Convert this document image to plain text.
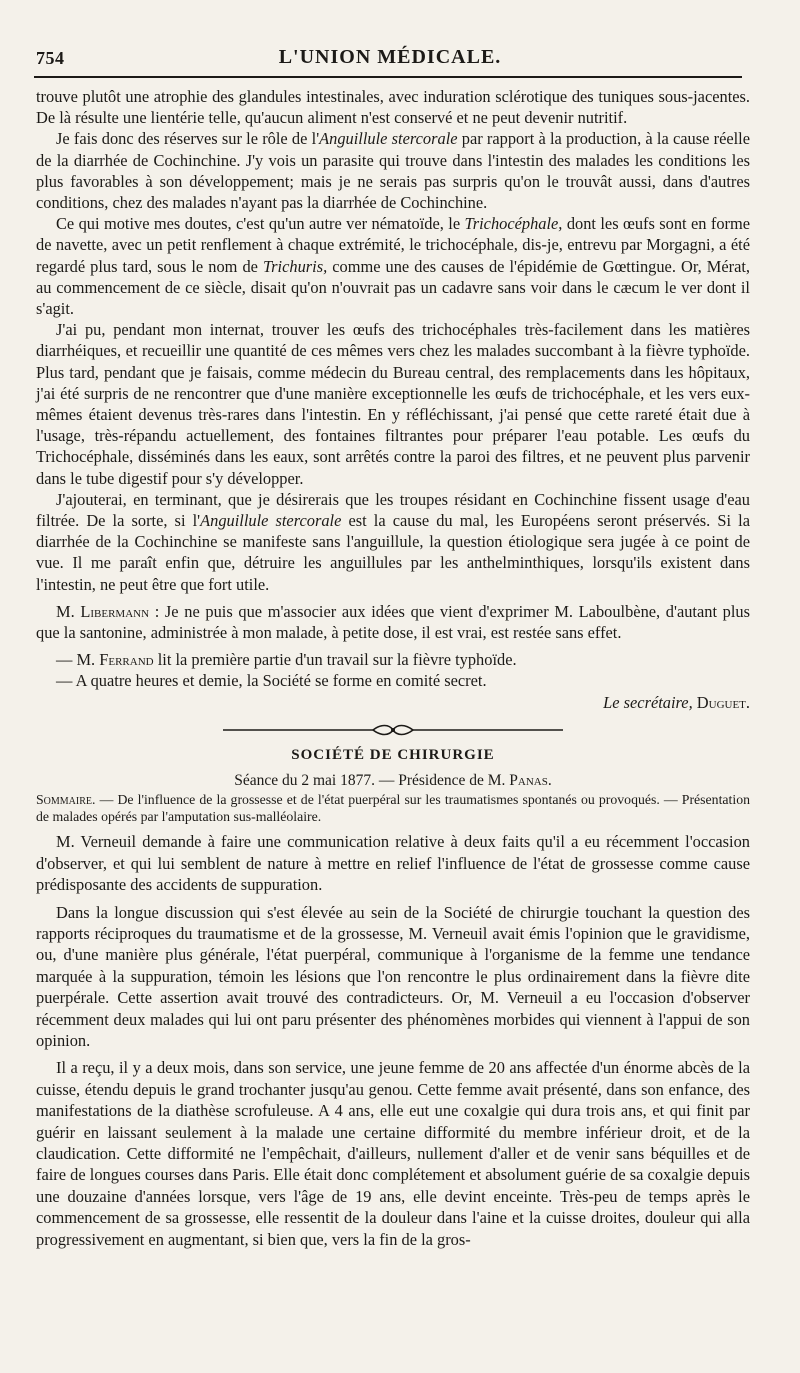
754	L'UNION MÉDICALE.

trouve plutôt une atrophie des glandules intestinales, avec induration sclérotique des tuniques sous-jacentes. De là résulte une lientérie telle, qu'aucun aliment n'est conservé et ne peut devenir nutritif.

Je fais donc des réserves sur le rôle de l'Anguillule stercorale par rapport à la production, à la cause réelle de la diarrhée de Cochinchine. J'y vois un parasite qui trouve dans l'intestin des malades les conditions les plus favorables à son développement; mais je ne serais pas surpris qu'on le trouvât aussi, dans d'autres conditions, chez des malades n'ayant pas la diarrhée de Cochinchine.

Ce qui motive mes doutes, c'est qu'un autre ver nématoïde, le Trichocéphale, dont les œufs sont en forme de navette, avec un petit renflement à chaque extrémité, le trichocéphale, dis-je, entrevu par Morgagni, a été regardé plus tard, sous le nom de Trichuris, comme une des causes de l'épidémie de Gœttingue. Or, Mérat, au commencement de ce siècle, disait qu'on n'ouvrait pas un cadavre sans voir dans le cæcum le ver dont il s'agit.

J'ai pu, pendant mon internat, trouver les œufs des trichocéphales très-facilement dans les matières diarrhéiques, et recueillir une quantité de ces mêmes vers chez les malades succombant à la fièvre typhoïde. Plus tard, pendant que je faisais, comme médecin du Bureau central, des remplacements dans les hôpitaux, j'ai été surpris de ne rencontrer que d'une manière exceptionnelle les œufs de trichocéphale, et les vers eux-mêmes étaient devenus très-rares dans l'intestin. En y réfléchissant, j'ai pensé que cette rareté était due à l'usage, très-répandu actuellement, des fontaines filtrantes pour préparer l'eau potable. Les œufs du Trichocéphale, disséminés dans les eaux, sont arrêtés contre la paroi des filtres, et ne peuvent plus parvenir dans le tube digestif pour s'y développer.

J'ajouterai, en terminant, que je désirerais que les troupes résidant en Cochinchine fissent usage d'eau filtrée. De la sorte, si l'Anguillule stercorale est la cause du mal, les Européens seront préservés. Si la diarrhée de la Cochinchine se manifeste sans l'anguillule, la question étiologique sera jugée à ce point de vue. Il me paraît enfin que, détruire les anguillules par les anthelminthiques, lorsqu'ils existent dans l'intestin, ne peut être que fort utile.

M. Libermann : Je ne puis que m'associer aux idées que vient d'exprimer M. Laboulbène, d'autant plus que la santonine, administrée à mon malade, à petite dose, il est vrai, est restée sans effet.

— M. Ferrand lit la première partie d'un travail sur la fièvre typhoïde.

— A quatre heures et demie, la Société se forme en comité secret.

Le secrétaire, Duguet.

SOCIÉTÉ DE CHIRURGIE
Séance du 2 mai 1877. — Présidence de M. Panas.

Sommaire. — De l'influence de la grossesse et de l'état puerpéral sur les traumatismes spontanés ou provoqués. — Présentation de malades opérés par l'amputation sus-malléolaire.

M. Verneuil demande à faire une communication relative à deux faits qu'il a eu récemment l'occasion d'observer, et qui lui semblent de nature à mettre en relief l'influence de l'état de grossesse comme cause prédisposante des accidents de suppuration.

Dans la longue discussion qui s'est élevée au sein de la Société de chirurgie touchant la question des rapports réciproques du traumatisme et de la grossesse, M. Verneuil avait émis l'opinion que le gravidisme, ou, d'une manière plus générale, l'état puerpéral, communique à l'organisme de la femme une tendance marquée à la suppuration, témoin les lésions que l'on rencontre le plus ordinairement dans la fièvre dite puerpérale. Cette assertion avait trouvé des contradicteurs. Or, M. Verneuil a eu l'occasion d'observer récemment deux malades qui lui ont paru présenter des phénomènes morbides qui viennent à l'appui de son opinion.

Il a reçu, il y a deux mois, dans son service, une jeune femme de 20 ans affectée d'un énorme abcès de la cuisse, étendu depuis le grand trochanter jusqu'au genou. Cette femme avait présenté, dans son enfance, des manifestations de la diathèse scrofuleuse. A 4 ans, elle eut une coxalgie qui dura trois ans, et qui finit par guérir en laissant seulement à la malade une certaine difformité du membre inférieur droit, et de la claudication. Cette difformité ne l'empêchait, d'ailleurs, nullement d'aller et de venir sans béquilles et de faire de longues courses dans Paris. Elle était donc complétement et absolument guérie de sa coxalgie depuis une douzaine d'années lorsque, vers l'âge de 19 ans, elle devint enceinte. Très-peu de temps après le commencement de sa grossesse, elle ressentit de la douleur dans l'aine et la cuisse droites, douleur qui alla progressivement en augmentant, si bien que, vers la fin de la gros-
